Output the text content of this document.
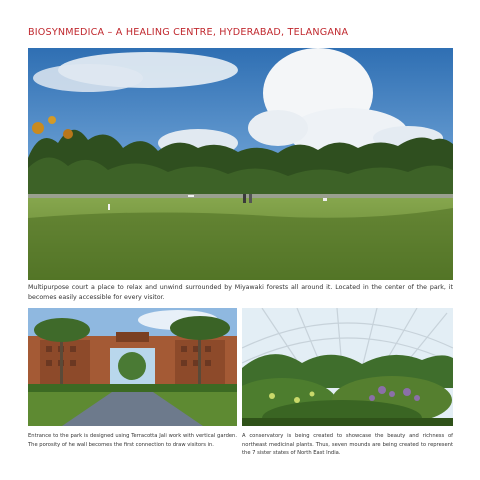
BIOSYNMEDICA – A HEALING CENTRE, HYDERABAD, TELANGANA
Multipurpose court a place to relax and unwind surrounded by Miyawaki forests all around it. Located in the center of the park, it becomes easily accessible for every visitor.
Entrance to the park is designed using Terracotta Jali work with vertical garden. The porosity of he wall becomes the first connection to draw visitors in.
A conservatory is being created to showcase the beauty and richness of northeast medicinal plants. Thus, seven mounds are being created to represent the 7 sister states of North East India.
